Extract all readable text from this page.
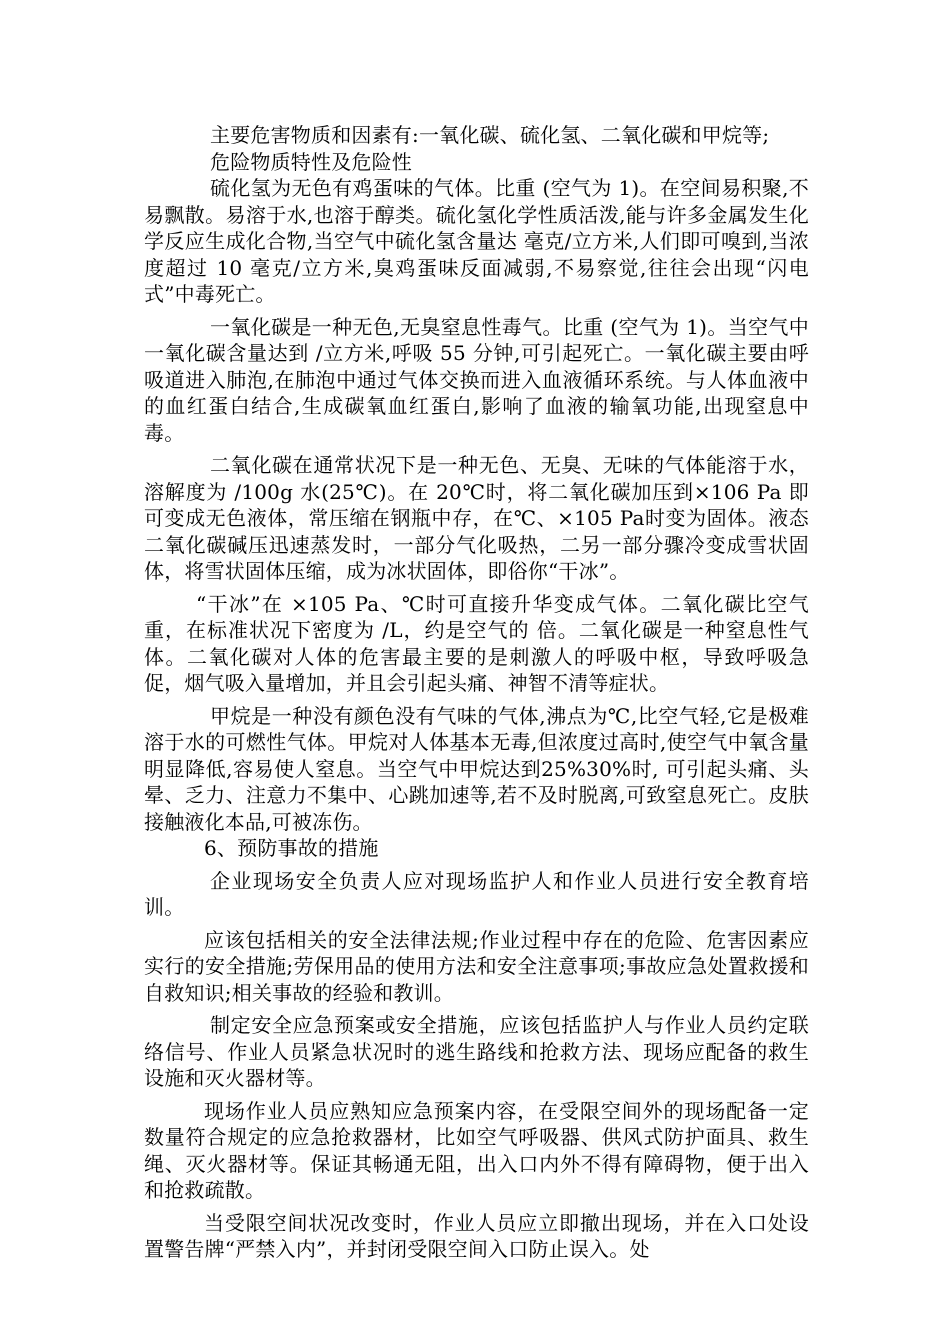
主要危害物质和因素有:一氧化碳、硫化氢、二氧化碳和甲烷等;

危险物质特性及危险性

硫化氢为无色有鸡蛋味的气体。比重 (空气为 1)。在空间易积聚,不易飘散。易溶于水,也溶于醇类。硫化氢化学性质活泼,能与许多金属发生化学反应生成化合物,当空气中硫化氢含量达 毫克/立方米,人们即可嗅到,当浓度超过 10 毫克/立方米,臭鸡蛋味反面减弱,不易察觉,往往会出现“闪电式”中毒死亡。

一氧化碳是一种无色,无臭窒息性毒气。比重 (空气为 1)。当空气中一氧化碳含量达到 /立方米,呼吸 55 分钟,可引起死亡。一氧化碳主要由呼吸道进入肺泡,在肺泡中通过气体交换而进入血液循环系统。与人体血液中的血红蛋白结合,生成碳氧血红蛋白,影响了血液的输氧功能,出现窒息中毒。

二氧化碳在通常状况下是一种无色、无臭、无味的气体能溶于水，溶解度为 /100g 水(25℃)。在 20℃时，将二氧化碳加压到×106 Pa 即可变成无色液体，常压缩在钢瓶中存，在℃、×105 Pa时变为固体。液态二氧化碳碱压迅速蒸发时，一部分气化吸热，二另一部分骤冷变成雪状固体，将雪状固体压缩，成为冰状固体，即俗你“干冰”。

“干冰”在 ×105 Pa、℃时可直接升华变成气体。二氧化碳比空气重，在标准状况下密度为 /L，约是空气的 倍。二氧化碳是一种窒息性气体。二氧化碳对人体的危害最主要的是刺激人的呼吸中枢，导致呼吸急促，烟气吸入量增加，并且会引起头痛、神智不清等症状。

甲烷是一种没有颜色没有气味的气体,沸点为℃,比空气轻,它是极难溶于水的可燃性气体。甲烷对人体基本无毒,但浓度过高时,使空气中氧含量明显降低,容易使人窒息。当空气中甲烷达到25%30%时, 可引起头痛、头晕、乏力、注意力不集中、心跳加速等,若不及时脱离,可致窒息死亡。皮肤接触液化本品,可被冻伤。

6、预防事故的措施

企业现场安全负责人应对现场监护人和作业人员进行安全教育培训。

应该包括相关的安全法律法规;作业过程中存在的危险、危害因素应实行的安全措施;劳保用品的使用方法和安全注意事项;事故应急处置救援和自救知识;相关事故的经验和教训。

制定安全应急预案或安全措施，应该包括监护人与作业人员约定联络信号、作业人员紧急状况时的逃生路线和抢救方法、现场应配备的救生设施和灭火器材等。

现场作业人员应熟知应急预案内容，在受限空间外的现场配备一定数量符合规定的应急抢救器材，比如空气呼吸器、供风式防护面具、救生绳、灭火器材等。保证其畅通无阻，出入口内外不得有障碍物，便于出入和抢救疏散。

当受限空间状况改变时，作业人员应立即撤出现场，并在入口处设置警告牌“严禁入内”，并封闭受限空间入口防止误入。处
